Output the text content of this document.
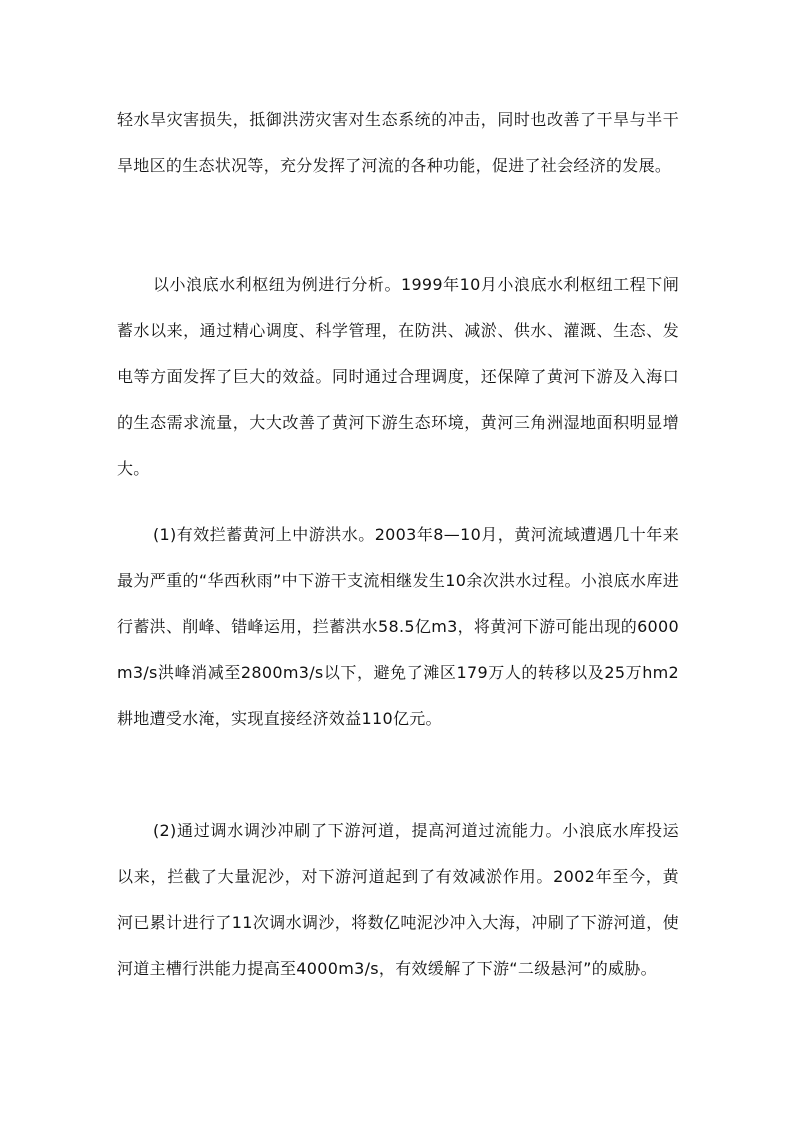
轻水旱灾害损失，抵御洪涝灾害对生态系统的冲击，同时也改善了干旱与半干旱地区的生态状况等，充分发挥了河流的各种功能，促进了社会经济的发展。

以小浪底水利枢纽为例进行分析。1999年10月小浪底水利枢纽工程下闸蓄水以来，通过精心调度、科学管理，在防洪、减淤、供水、灌溉、生态、发电等方面发挥了巨大的效益。同时通过合理调度，还保障了黄河下游及入海口的生态需求流量，大大改善了黄河下游生态环境，黄河三角洲湿地面积明显增大。

(1)有效拦蓄黄河上中游洪水。2003年8—10月，黄河流域遭遇几十年来最为严重的“华西秋雨”中下游干支流相继发生10余次洪水过程。小浪底水库进行蓄洪、削峰、错峰运用，拦蓄洪水58.5亿m3，将黄河下游可能出现的6000m3/s洪峰消减至2800m3/s以下，避免了滩区179万人的转移以及25万hm2耕地遭受水淹，实现直接经济效益110亿元。

(2)通过调水调沙冲刷了下游河道，提高河道过流能力。小浪底水库投运以来，拦截了大量泥沙，对下游河道起到了有效减淤作用。2002年至今，黄河已累计进行了11次调水调沙，将数亿吨泥沙冲入大海，冲刷了下游河道，使河道主槽行洪能力提高至4000m3/s，有效缓解了下游“二级悬河”的威胁。
